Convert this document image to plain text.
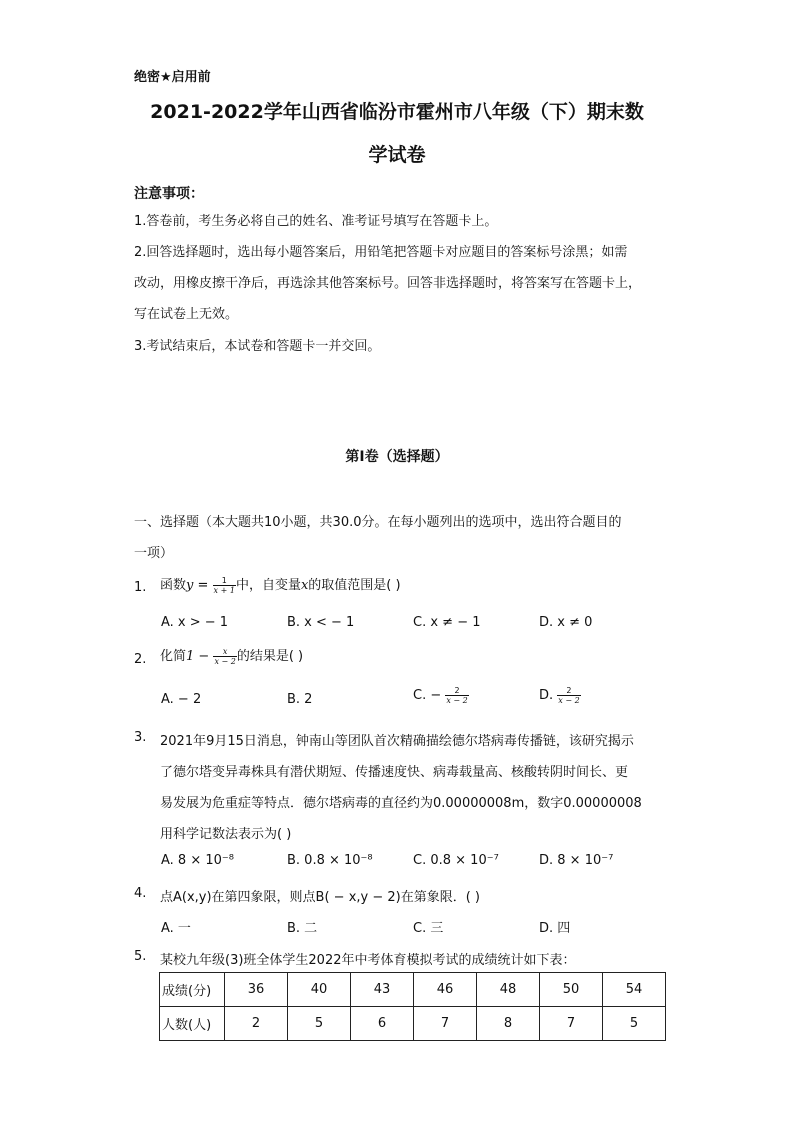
绝密★启用前
2021-2022学年山西省临汾市霍州市八年级（下）期末数
学试卷
注意事项：
1.答卷前，考生务必将自己的姓名、准考证号填写在答题卡上。
2.回答选择题时，选出每小题答案后，用铅笔把答题卡对应题目的答案标号涂黑；如需
改动，用橡皮擦干净后，再选涂其他答案标号。回答非选择题时，将答案写在答题卡上，
写在试卷上无效。
3.考试结束后，本试卷和答题卡一并交回。
第I卷（选择题）
一、选择题（本大题共10小题，共30.0分。在每小题列出的选项中，选出符合题目的
一项）
1. 函数$y = \frac{1}{x + 1}$ 中，自变量x的取值范围是( )
A. x > − 1	B. x < − 1	C. x ≠ − 1	D. x ≠ 0
2. 化简$1 - \frac{x}{x - 2}$ 的结果是( )
A. − 2	B. 2	C. − $\frac{2}{x - 2}$	D. $\frac{2}{x - 2}$
3. 2021年9月15日消息，钟南山等团队首次精确描绘德尔塔病毒传播链，该研究揭示
了德尔塔变异毒株具有潜伏期短、传播速度快、病毒载量高、核酸转阴时间长、更
易发展为危重症等特点．德尔塔病毒的直径约为0.00000008m，数字0.00000008
用科学记数法表示为( )
A. 8 × 10⁻⁸	B. 0.8 × 10⁻⁸	C. 0.8 × 10⁻⁷	D. 8 × 10⁻⁷
4. 点A(x,y)在第四象限，则点B( − x,y − 2)在第象限．( )
A. 一	B. 二	C. 三	D. 四
5. 某校九年级(3)班全体学生2022年中考体育模拟考试的成绩统计如下表：
成绩(分)	36	40	43	46	48	50	54
人数(人)	2	5	6	7	8	7	5
